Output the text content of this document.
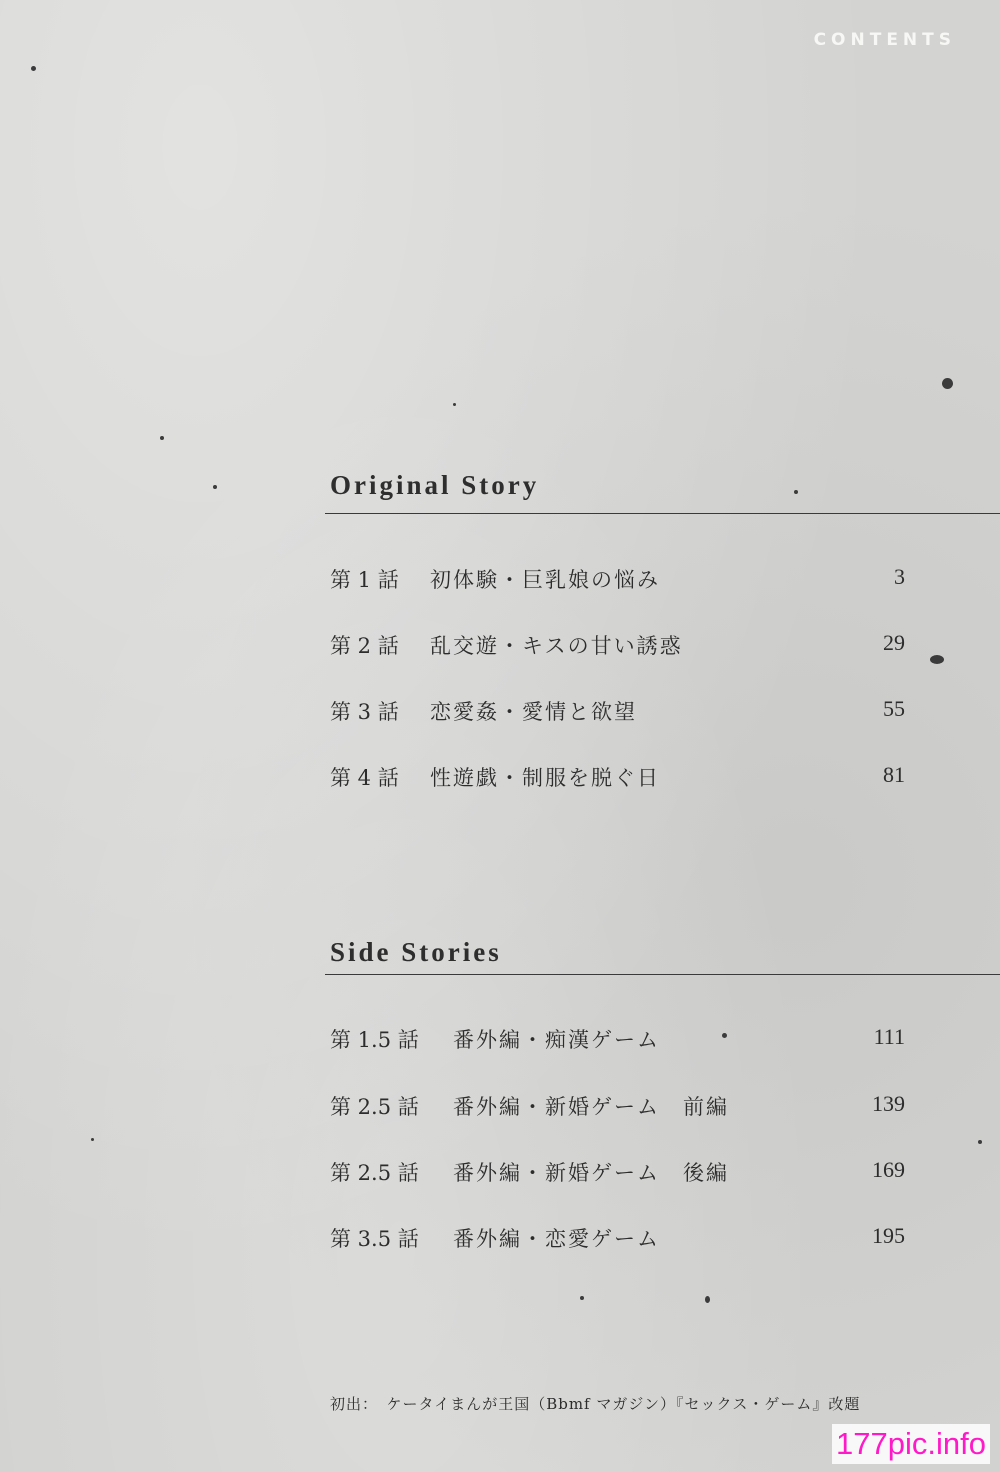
CONTENTS
Original Story
第 1 話 初体験・巨乳娘の悩み	3
第 2 話 乱交遊・キスの甘い誘惑	29
第 3 話 恋愛姦・愛情と欲望	55
第 4 話 性遊戯・制服を脱ぐ日	81
Side Stories
第 1.5 話 番外編・痴漢ゲーム	111
第 2.5 話 番外編・新婚ゲーム　前編	139
第 2.5 話 番外編・新婚ゲーム　後編	169
第 3.5 話 番外編・恋愛ゲーム	195
初出：　ケータイまんが王国（Bbmf マガジン）『セックス・ゲーム』改題
177pic.info
